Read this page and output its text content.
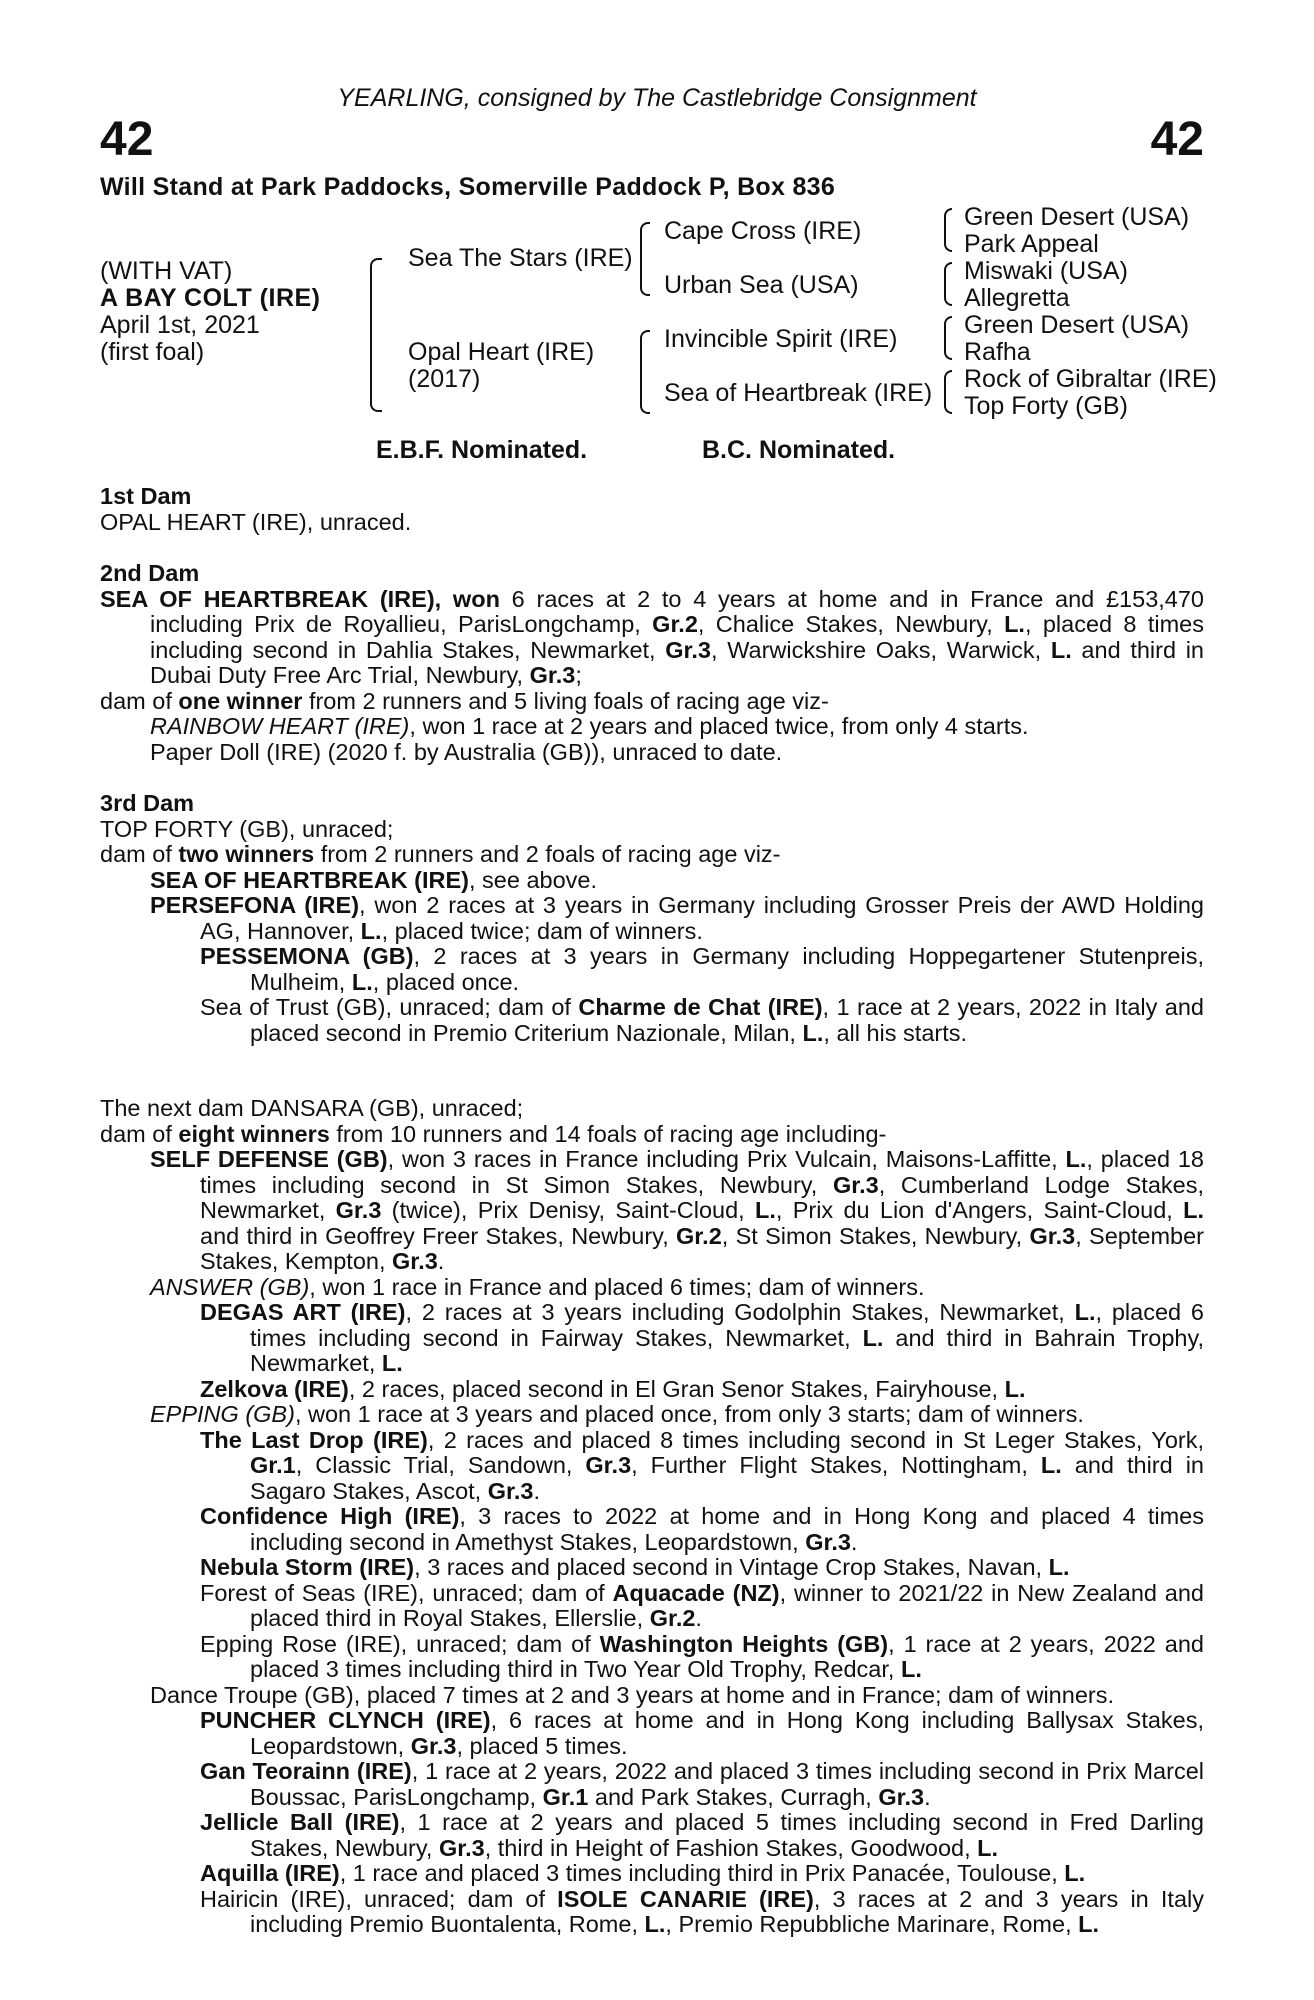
YEARLING, consigned by The Castlebridge Consignment
42	42
Will Stand at Park Paddocks, Somerville Paddock P, Box 836
(WITH VAT)
A BAY COLT (IRE)
April 1st, 2021
(first foal)
Sea The Stars (IRE)
Opal Heart (IRE)
(2017)
Cape Cross (IRE)
Urban Sea (USA)
Invincible Spirit (IRE)
Sea of Heartbreak (IRE)
Green Desert (USA)
Park Appeal
Miswaki (USA)
Allegretta
Green Desert (USA)
Rafha
Rock of Gibraltar (IRE)
Top Forty (GB)
E.B.F. Nominated.	B.C. Nominated.
1st Dam
OPAL HEART (IRE), unraced.
2nd Dam
SEA OF HEARTBREAK (IRE), won 6 races at 2 to 4 years at home and in France and £153,470 including Prix de Royallieu, ParisLongchamp, Gr.2, Chalice Stakes, Newbury, L., placed 8 times including second in Dahlia Stakes, Newmarket, Gr.3, Warwickshire Oaks, Warwick, L. and third in Dubai Duty Free Arc Trial, Newbury, Gr.3;
dam of one winner from 2 runners and 5 living foals of racing age viz-
RAINBOW HEART (IRE), won 1 race at 2 years and placed twice, from only 4 starts.
Paper Doll (IRE) (2020 f. by Australia (GB)), unraced to date.
3rd Dam
TOP FORTY (GB), unraced;
dam of two winners from 2 runners and 2 foals of racing age viz-
SEA OF HEARTBREAK (IRE), see above.
PERSEFONA (IRE), won 2 races at 3 years in Germany including Grosser Preis der AWD Holding AG, Hannover, L., placed twice; dam of winners.
PESSEMONA (GB), 2 races at 3 years in Germany including Hoppegartener Stutenpreis, Mulheim, L., placed once.
Sea of Trust (GB), unraced; dam of Charme de Chat (IRE), 1 race at 2 years, 2022 in Italy and placed second in Premio Criterium Nazionale, Milan, L., all his starts.
The next dam DANSARA (GB), unraced;
dam of eight winners from 10 runners and 14 foals of racing age including-
SELF DEFENSE (GB), won 3 races in France including Prix Vulcain, Maisons-Laffitte, L., placed 18 times including second in St Simon Stakes, Newbury, Gr.3, Cumberland Lodge Stakes, Newmarket, Gr.3 (twice), Prix Denisy, Saint-Cloud, L., Prix du Lion d'Angers, Saint-Cloud, L. and third in Geoffrey Freer Stakes, Newbury, Gr.2, St Simon Stakes, Newbury, Gr.3, September Stakes, Kempton, Gr.3.
ANSWER (GB), won 1 race in France and placed 6 times; dam of winners.
DEGAS ART (IRE), 2 races at 3 years including Godolphin Stakes, Newmarket, L., placed 6 times including second in Fairway Stakes, Newmarket, L. and third in Bahrain Trophy, Newmarket, L.
Zelkova (IRE), 2 races, placed second in El Gran Senor Stakes, Fairyhouse, L.
EPPING (GB), won 1 race at 3 years and placed once, from only 3 starts; dam of winners.
The Last Drop (IRE), 2 races and placed 8 times including second in St Leger Stakes, York, Gr.1, Classic Trial, Sandown, Gr.3, Further Flight Stakes, Nottingham, L. and third in Sagaro Stakes, Ascot, Gr.3.
Confidence High (IRE), 3 races to 2022 at home and in Hong Kong and placed 4 times including second in Amethyst Stakes, Leopardstown, Gr.3.
Nebula Storm (IRE), 3 races and placed second in Vintage Crop Stakes, Navan, L.
Forest of Seas (IRE), unraced; dam of Aquacade (NZ), winner to 2021/22 in New Zealand and placed third in Royal Stakes, Ellerslie, Gr.2.
Epping Rose (IRE), unraced; dam of Washington Heights (GB), 1 race at 2 years, 2022 and placed 3 times including third in Two Year Old Trophy, Redcar, L.
Dance Troupe (GB), placed 7 times at 2 and 3 years at home and in France; dam of winners.
PUNCHER CLYNCH (IRE), 6 races at home and in Hong Kong including Ballysax Stakes, Leopardstown, Gr.3, placed 5 times.
Gan Teorainn (IRE), 1 race at 2 years, 2022 and placed 3 times including second in Prix Marcel Boussac, ParisLongchamp, Gr.1 and Park Stakes, Curragh, Gr.3.
Jellicle Ball (IRE), 1 race at 2 years and placed 5 times including second in Fred Darling Stakes, Newbury, Gr.3, third in Height of Fashion Stakes, Goodwood, L.
Aquilla (IRE), 1 race and placed 3 times including third in Prix Panacée, Toulouse, L.
Hairicin (IRE), unraced; dam of ISOLE CANARIE (IRE), 3 races at 2 and 3 years in Italy including Premio Buontalenta, Rome, L., Premio Repubbliche Marinare, Rome, L.
